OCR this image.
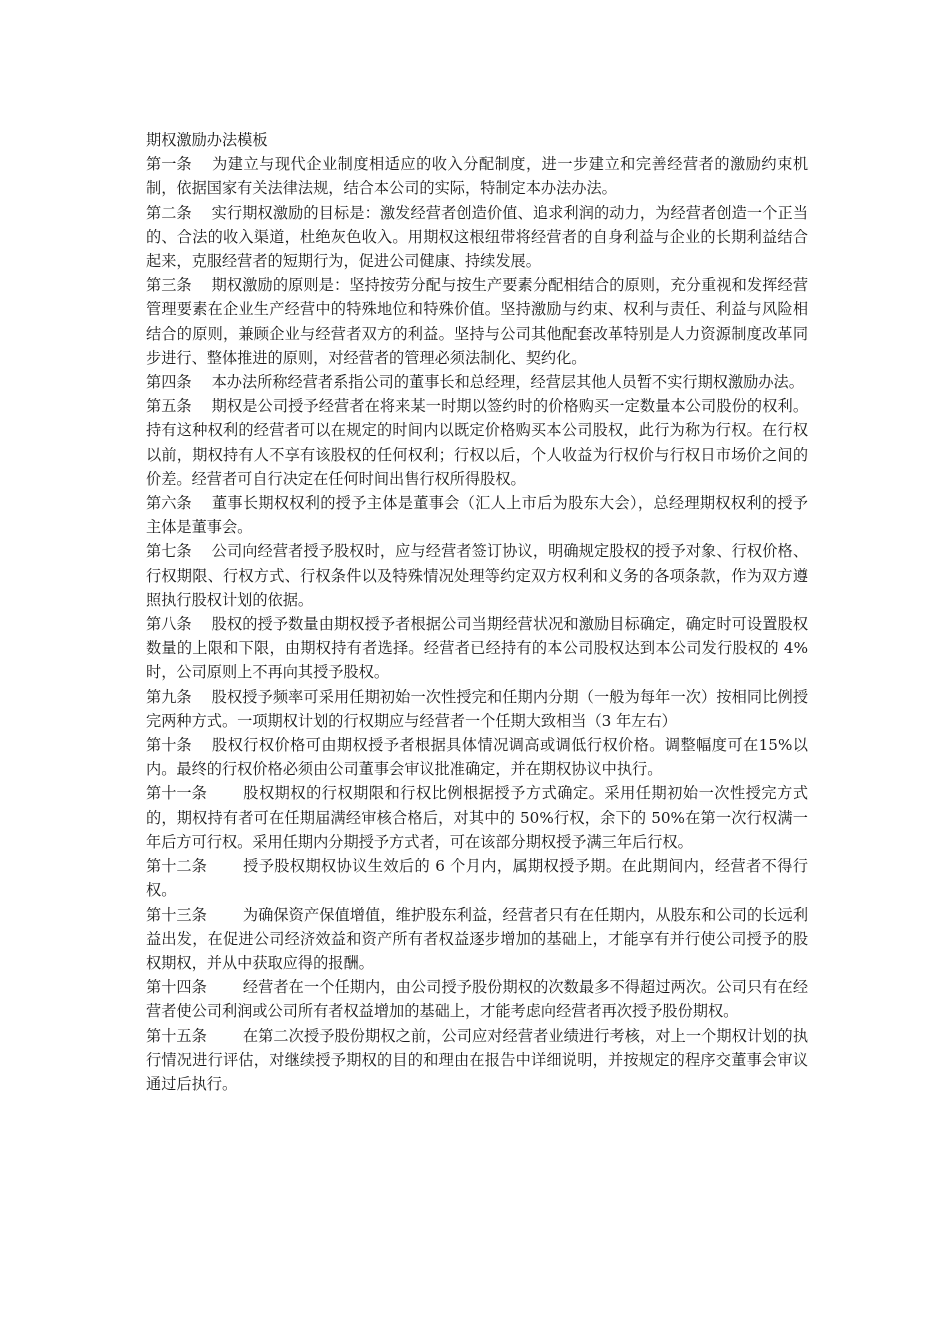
期权激励办法模板

第一条 为建立与现代企业制度相适应的收入分配制度，进一步建立和完善经营者的激励约束机制，依据国家有关法律法规，结合本公司的实际，特制定本办法办法。

第二条 实行期权激励的目标是：激发经营者创造价值、追求利润的动力，为经营者创造一个正当的、合法的收入渠道，杜绝灰色收入。用期权这根纽带将经营者的自身利益与企业的长期利益结合起来，克服经营者的短期行为，促进公司健康、持续发展。

第三条 期权激励的原则是：坚持按劳分配与按生产要素分配相结合的原则，充分重视和发挥经营管理要素在企业生产经营中的特殊地位和特殊价值。坚持激励与约束、权利与责任、利益与风险相结合的原则，兼顾企业与经营者双方的利益。坚持与公司其他配套改革特别是人力资源制度改革同步进行、整体推进的原则，对经营者的管理必须法制化、契约化。

第四条 本办法所称经营者系指公司的董事长和总经理，经营层其他人员暂不实行期权激励办法。

第五条 期权是公司授予经营者在将来某一时期以签约时的价格购买一定数量本公司股份的权利。持有这种权利的经营者可以在规定的时间内以既定价格购买本公司股权，此行为称为行权。在行权以前，期权持有人不享有该股权的任何权利；行权以后，个人收益为行权价与行权日市场价之间的价差。经营者可自行决定在任何时间出售行权所得股权。

第六条 董事长期权权利的授予主体是董事会（汇人上市后为股东大会），总经理期权权利的授予主体是董事会。

第七条 公司向经营者授予股权时，应与经营者签订协议，明确规定股权的授予对象、行权价格、行权期限、行权方式、行权条件以及特殊情况处理等约定双方权利和义务的各项条款，作为双方遵照执行股权计划的依据。

第八条 股权的授予数量由期权授予者根据公司当期经营状况和激励目标确定，确定时可设置股权数量的上限和下限，由期权持有者选择。经营者已经持有的本公司股权达到本公司发行股权的 4%时，公司原则上不再向其授予股权。

第九条 股权授予频率可采用任期初始一次性授完和任期内分期（一般为每年一次）按相同比例授完两种方式。一项期权计划的行权期应与经营者一个任期大致相当（3 年左右）

第十条 股权行权价格可由期权授予者根据具体情况调高或调低行权价格。调整幅度可在15%以内。最终的行权价格必须由公司董事会审议批准确定，并在期权协议中执行。

第十一条 股权期权的行权期限和行权比例根据授予方式确定。采用任期初始一次性授完方式的，期权持有者可在任期届满经审核合格后，对其中的 50%行权，余下的 50%在第一次行权满一年后方可行权。采用任期内分期授予方式者，可在该部分期权授予满三年后行权。

第十二条 授予股权期权协议生效后的 6 个月内，属期权授予期。在此期间内，经营者不得行权。

第十三条 为确保资产保值增值，维护股东利益，经营者只有在任期内，从股东和公司的长远利益出发，在促进公司经济效益和资产所有者权益逐步增加的基础上，才能享有并行使公司授予的股权期权，并从中获取应得的报酬。

第十四条 经营者在一个任期内，由公司授予股份期权的次数最多不得超过两次。公司只有在经营者使公司利润或公司所有者权益增加的基础上，才能考虑向经营者再次授予股份期权。

第十五条 在第二次授予股份期权之前，公司应对经营者业绩进行考核，对上一个期权计划的执行情况进行评估，对继续授予期权的目的和理由在报告中详细说明，并按规定的程序交董事会审议通过后执行。
